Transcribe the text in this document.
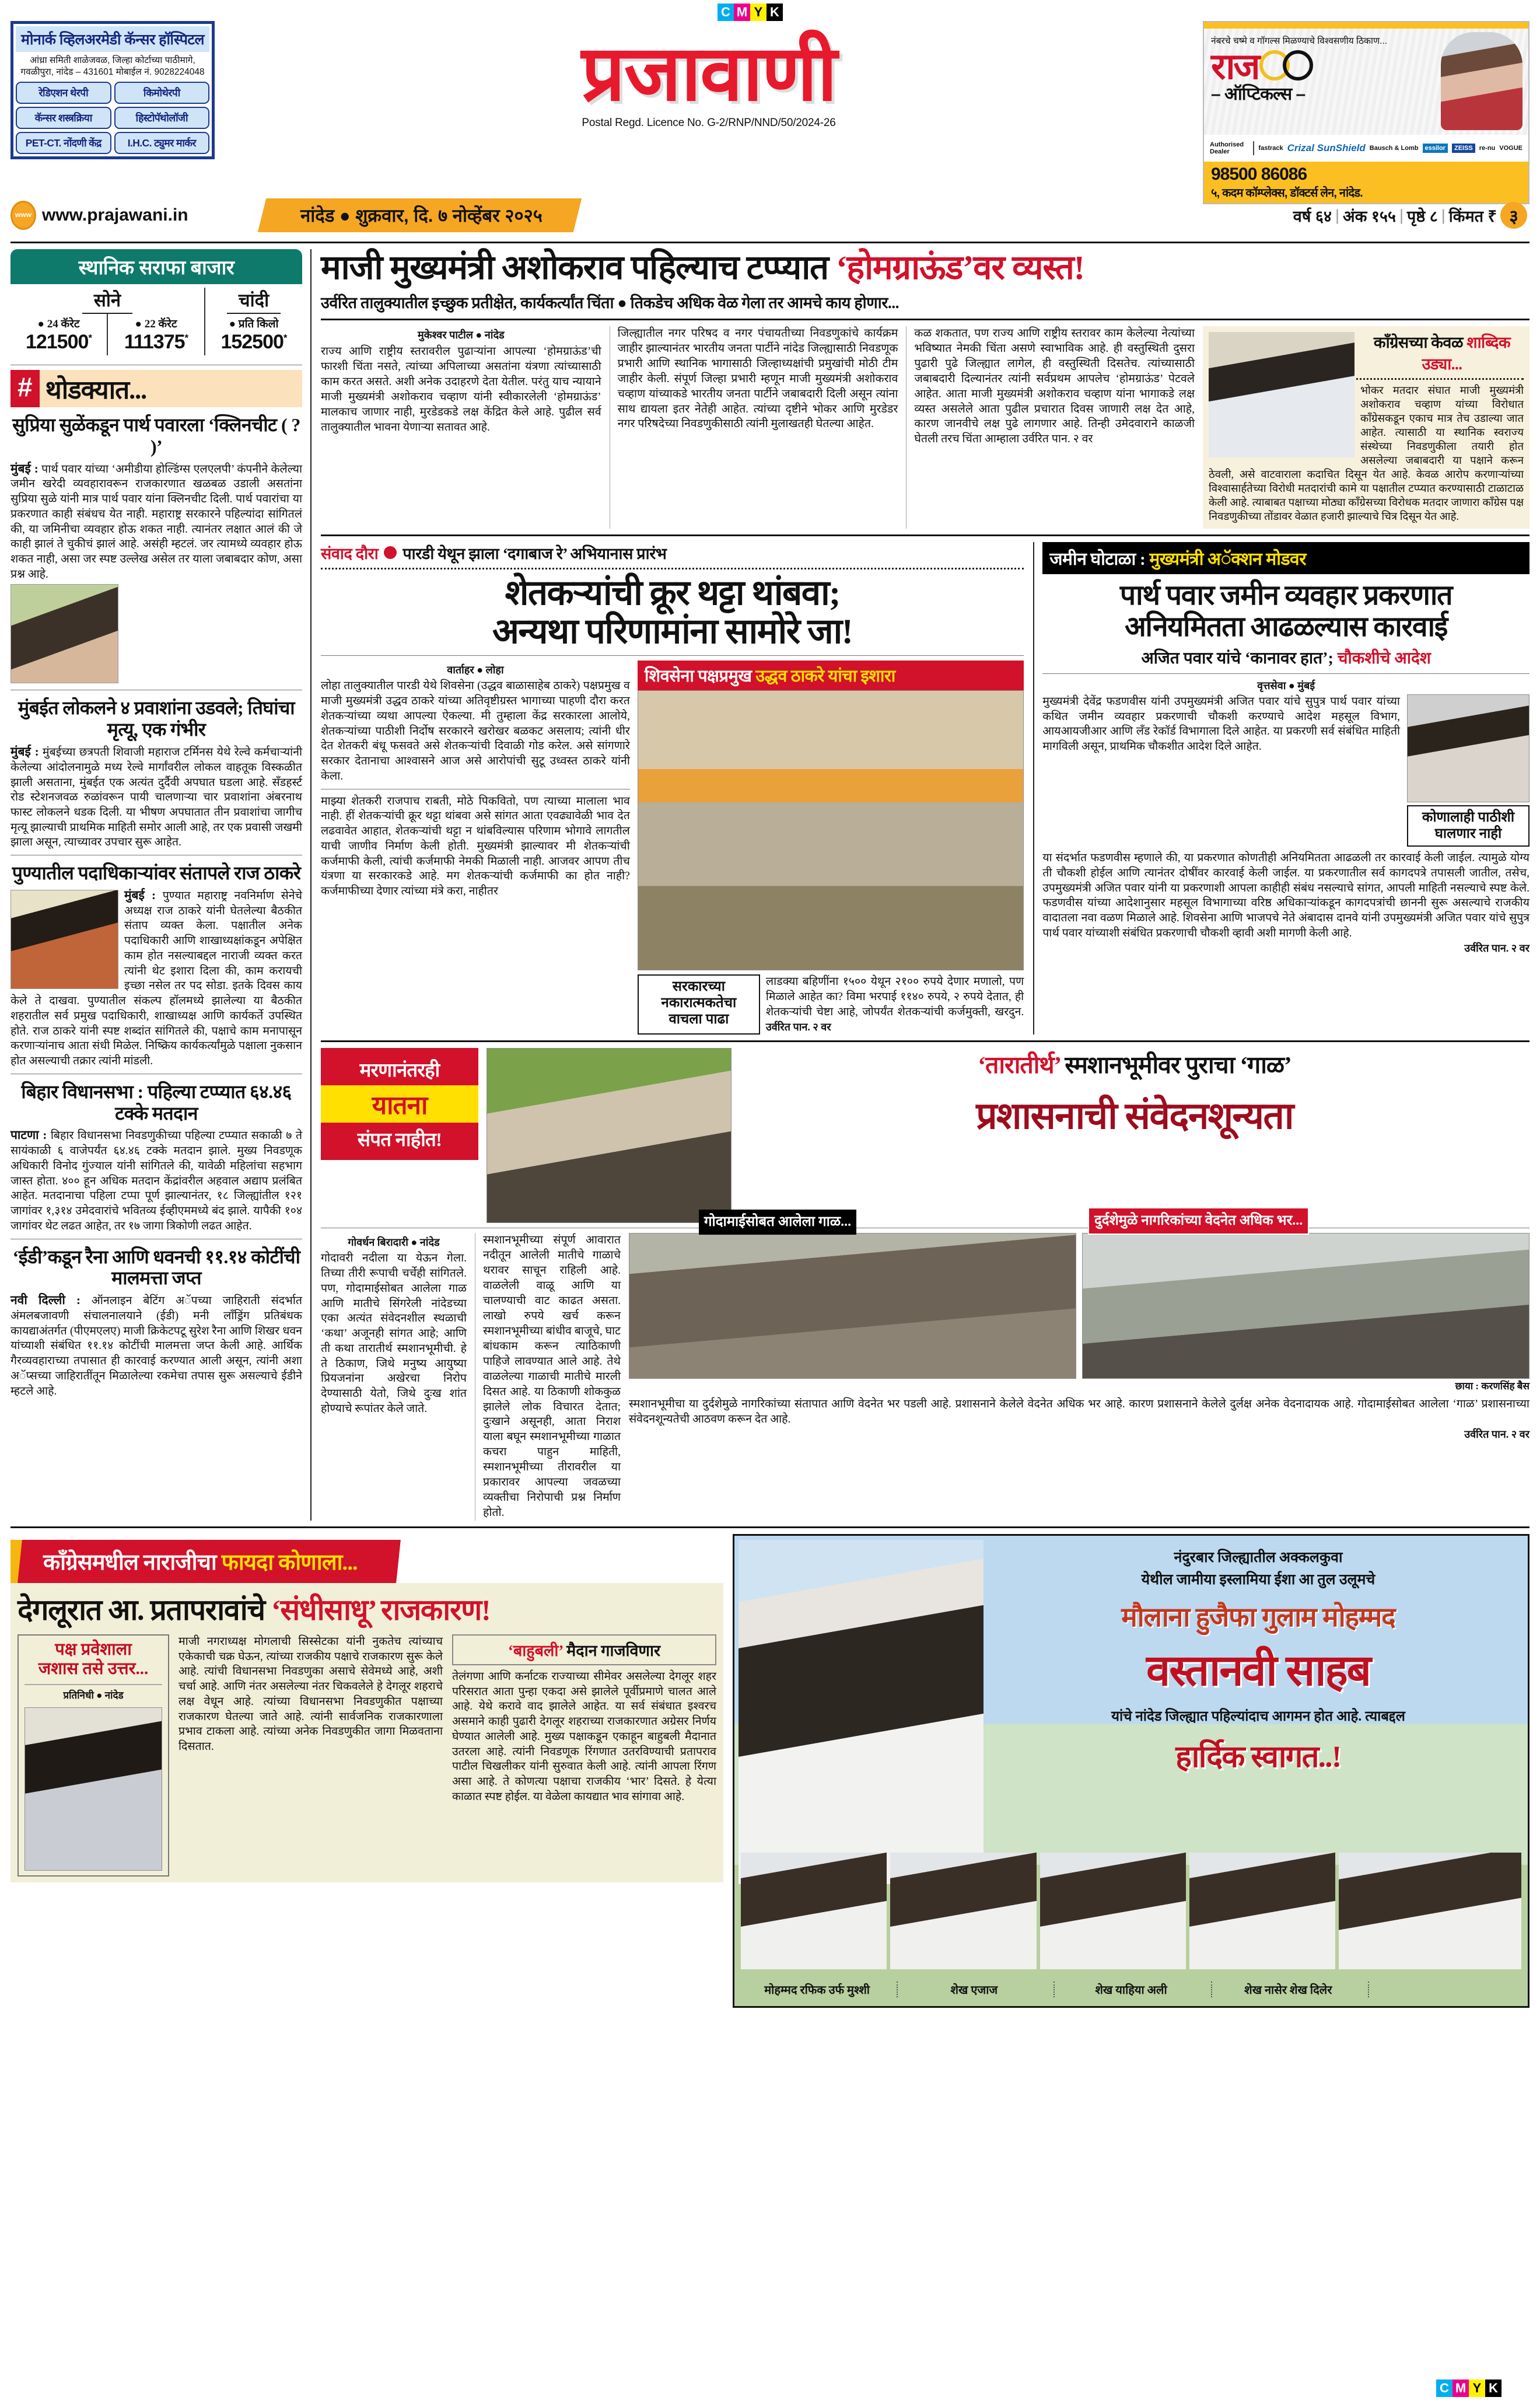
C M Y K
C M Y K
मोनार्क व्हिलअरमेडी कॅन्सर हॉस्पिटल
आंध्रा समिती शाळेजवळ, जिल्हा कोर्टाच्या पाठीमागे,
गवळीपुरा, नांदेड – 431601 मोबाईल नं. 9028224048
रेडिएशन थेरपी	किमोथेरपी
कॅन्सर शस्त्रक्रिया	हिस्टोपॅथोलॉजी
PET-CT. नोंदणी केंद्र	I.H.C. ट्युमर मार्कर
प्रजावाणी
Postal Regd. Licence No. G-2/RNP/NND/50/2024-26
नंबरचे चष्मे व गॉगल्स मिळण्याचे विश्वसणीय ठिकाण...
राज
– ऑप्टिकल्स –
Authorised Dealer	fastrack Crizal SunShield Bausch & Lomb	essilor	ZEISS	re-nu VOGUE
98500 86086
५, कदम कॉम्प्लेक्स, डॉक्टर्स लेन, नांदेड.
www
www.prajawani.in	नांदेड ● शुक्रवार, दि. ७ नोव्हेंबर २०२५	वर्ष ६४ | अंक १५५ | पृष्ठे ८ | किंमत ₹ ३
स्थानिक सराफा बाजार
सोने
● 24 कॅरेट
121500*
● 22 कॅरेट
111375*
चांदी
● प्रति किलो
152500*
# थोडक्यात...
सुप्रिया सुळेंकडून पार्थ पवारला ‘क्लिनचीट ( ? )’
मुंबई : पार्थ पवार यांच्या ‘अमीडीया होल्डिंग्स एलएलपी’ कंपनीने केलेल्या जमीन खरेदी व्यवहारावरून राजकारणात खळबळ उडाली असतांना सुप्रिया सुळे यांनी मात्र पार्थ पवार यांना क्लिनचीट दिली. पार्थ पवारांचा या प्रकरणात काही संबंधच येत नाही. महाराष्ट्र सरकारने पहिल्यांदा सांगितलं की, या जमिनीचा व्यवहार होऊ शकत नाही. त्यानंतर लक्षात आलं की जे काही झालं ते चुकीचं झालं आहे. असंही म्हटलं. जर त्यामध्ये व्यवहार होऊ शकत नाही, असा जर स्पष्ट उल्लेख असेल तर याला जबाबदार कोण, असा प्रश्न आहे.
मुंबईत लोकलने ४ प्रवाशांना उडवले; तिघांचा मृत्यू, एक गंभीर
मुंबई : मुंबईच्या छत्रपती शिवाजी महाराज टर्मिनस येथे रेल्वे कर्मचाऱ्यांनी केलेल्या आंदोलनामुळे मध्य रेल्वे मार्गांवरील लोकल वाहतूक विस्कळीत झाली असताना, मुंबईत एक अत्यंत दुर्दैवी अपघात घडला आहे. सँडहर्स्ट रोड स्टेशनजवळ रुळांवरून पायी चालणाऱ्या चार प्रवाशांना अंबरनाथ फास्ट लोकलने धडक दिली. या भीषण अपघातात तीन प्रवाशांचा जागीच मृत्यू झाल्याची प्राथमिक माहिती समोर आली आहे, तर एक प्रवासी जखमी झाला असून, त्याच्यावर उपचार सुरू आहेत.
पुण्यातील पदाधिकाऱ्यांवर संतापले राज ठाकरे
मुंबई : पुण्यात महाराष्ट्र नवनिर्माण सेनेचे अध्यक्ष राज ठाकरे यांनी घेतलेल्या बैठकीत संताप व्यक्त केला. पक्षातील अनेक पदाधिकारी आणि शाखाध्यक्षांकडून अपेक्षित काम होत नसल्याबद्दल नाराजी व्यक्त करत त्यांनी थेट इशारा दिला की, काम करायची इच्छा नसेल तर पद सोडा. इतके दिवस काय केले ते दाखवा. पुण्यातील संकल्प हॉलमध्ये झालेल्या या बैठकीत शहरातील सर्व प्रमुख पदाधिकारी, शाखाध्यक्ष आणि कार्यकर्ते उपस्थित होते. राज ठाकरे यांनी स्पष्ट शब्दांत सांगितले की, पक्षाचे काम मनापासून करणाऱ्यांनाच आता संधी मिळेल. निष्क्रिय कार्यकर्त्यांमुळे पक्षाला नुकसान होत असल्याची तक्रार त्यांनी मांडली.
बिहार विधानसभा : पहिल्या टप्प्यात ६४.४६ टक्के मतदान
पाटणा : बिहार विधानसभा निवडणुकीच्या पहिल्या टप्प्यात सकाळी ७ ते सायंकाळी ६ वाजेपर्यंत ६४.४६ टक्के मतदान झाले. मुख्य निवडणूक अधिकारी विनोद गुंज्याल यांनी सांगितले की, यावेळी महिलांचा सहभाग जास्त होता. ४०० हून अधिक मतदान केंद्रांवरील अहवाल अद्याप प्रलंबित आहेत. मतदानाचा पहिला टप्पा पूर्ण झाल्यानंतर, १८ जिल्ह्यांतील १२१ जागांवर १,३१४ उमेदवारांचे भवितव्य ईव्हीएममध्ये बंद झाले. यापैकी १०४ जागांवर थेट लढत आहेत, तर १७ जागा त्रिकोणी लढत आहेत.
‘ईडी’कडून रैना आणि धवनची ११.१४ कोटींची मालमत्ता जप्त
नवी दिल्ली : ऑनलाइन बेटिंग अॅपच्या जाहिराती संदर्भात अंमलबजावणी संचालनालयाने (ईडी) मनी लाँड्रिंग प्रतिबंधक कायद्याअंतर्गत (पीएमएलए) माजी क्रिकेटपटू सुरेश रैना आणि शिखर धवन यांच्याशी संबंधित ११.१४ कोटींची मालमत्ता जप्त केली आहे. आर्थिक गैरव्यवहाराच्या तपासात ही कारवाई करण्यात आली असून, त्यांनी अशा अॅप्सच्या जाहिरातींतून मिळालेल्या रकमेचा तपास सुरू असल्याचे ईडीने म्हटले आहे.
माजी मुख्यमंत्री अशोकराव पहिल्याच टप्प्यात ‘होमग्राऊंड’वर व्यस्त!
उर्वरित तालुक्यातील इच्छुक प्रतीक्षेत, कार्यकर्त्यांत चिंता ● तिकडेच अधिक वेळ गेला तर आमचे काय होणार...
मुकेश्वर पाटील ● नांदेड
राज्य आणि राष्ट्रीय स्तरावरील पुढाऱ्यांना आपल्या ‘होमग्राऊंड’ची फारशी चिंता नसते, त्यांच्या अपिलाच्या असतांना यंत्रणा त्यांच्यासाठी काम करत असते. अशी अनेक उदाहरणे देता येतील. परंतु याच न्यायाने माजी मुख्यमंत्री अशोकराव चव्हाण यांनी स्वीकारलेली ‘होमग्राऊंड’ मालकाच जाणार नाही, मुरडेडकडे लक्ष केंद्रित केले आहे. पुढील सर्व तालुक्यातील भावना येणाऱ्या सतावत आहे.
जिल्ह्यातील नगर परिषद व नगर पंचायतीच्या निवडणुकांचे कार्यक्रम जाहीर झाल्यानंतर भारतीय जनता पार्टीने नांदेड जिल्ह्यासाठी निवडणूक प्रभारी आणि स्थानिक भागासाठी जिल्हाध्यक्षांची प्रमुखांची मोठी टीम जाहीर केली. संपूर्ण जिल्हा प्रभारी म्हणून माजी मुख्यमंत्री अशोकराव चव्हाण यांच्याकडे भारतीय जनता पार्टीने जबाबदारी दिली असून त्यांना साथ द्यायला इतर नेतेही आहेत. त्यांच्या दृष्टीने भोकर आणि मुरडेडर नगर परिषदेच्या निवडणुकीसाठी त्यांनी मुलाखतही घेतल्या आहेत.
कळ शकतात, पण राज्य आणि राष्ट्रीय स्तरावर काम केलेल्या नेत्यांच्या भविष्यात नेमकी चिंता असणे स्वाभाविक आहे. ही वस्तुस्थिती दुसरा पुढारी पुढे जिल्ह्यात लागेल, ही वस्तुस्थिती दिसतेच. त्यांच्यासाठी जबाबदारी दिल्यानंतर त्यांनी सर्वप्रथम आपलेच ‘होमग्राऊंड’ पेटवले आहेत. आता माजी मुख्यमंत्री अशोकराव चव्हाण यांना भागाकडे लक्ष व्यस्त असलेले आता पुढील प्रचारात दिवस जाणारी लक्ष देत आहे, कारण जानवीचे लक्ष पुढे लागणार आहे. तिन्ही उमेदवाराने काळजी घेतली तरच चिंता आम्हाला उर्वरित पान. २ वर
काँग्रेसच्या केवळ शाब्दिक उड्या...
भोकर मतदार संघात माजी मुख्यमंत्री अशोकराव चव्हाण यांच्या विरोधात काँग्रेसकडून एकाच मात्र तेच उडाल्या जात आहेत. त्यासाठी या स्थानिक स्वराज्य संस्थेच्या निवडणुकीला तयारी होत असलेल्या जबाबदारी या पक्षाने करून ठेवली, असे वाटवाराला कदाचित दिसून येत आहे. केवळ आरोप करणाऱ्यांच्या विश्वासार्हतेच्या विरोधी मतदारांची कामे या पक्षातील टप्प्यात करण्यासाठी टाळाटाळ केली आहे. त्याबाबत पक्षाच्या मोठ्या काँग्रेसच्या विरोधक मतदार जाणारा काँग्रेस पक्ष निवडणुकीच्या तोंडावर वेळात हजारी झाल्याचे चित्र दिसून येत आहे.
संवाद दौरा पारडी येथून झाला ‘दगाबाज रे’ अभियानास प्रारंभ
शेतकऱ्यांची क्रूर थट्टा थांबवा;
अन्यथा परिणामांना सामोरे जा!
वार्ताहर ● लोहा
लोहा तालुक्यातील पारडी येथे शिवसेना (उद्धव बाळासाहेब ठाकरे) पक्षप्रमुख व माजी मुख्यमंत्री उद्धव ठाकरे यांच्या अतिवृष्टीग्रस्त भागाच्या पाहणी दौरा करत शेतकऱ्यांच्या व्यथा आपल्या ऐकल्या. मी तुम्हाला केंद्र सरकारला आलोये, शेतकऱ्यांच्या पाठीशी निर्दोष सरकारने खरोखर बळकट असलाय; त्यांनी धीर देत शेतकरी बंधू फसवते असे शेतकऱ्यांची दिवाळी गोड करेल. असे सांगणारे सरकार देतानाचा आश्वासने आज असे आरोपांची सुटू उध्वस्त ठाकरे यांनी केला.
माझ्या शेतकरी राजपाच राबती, मोठे पिकवितो, पण त्याच्या मालाला भाव नाही. हीं शेतकऱ्यांची क्रूर थट्टा थांबवा असे सांगत आता एवढ्यावेळी भाव देत लढवावेत आहात, शेतकऱ्यांची थट्टा न थांबविल्यास परिणाम भोगावे लागतील याची जाणीव निर्माण केली होती. मुख्यमंत्री झाल्यावर मी शेतकऱ्यांची कर्जमाफी केली, त्यांची कर्जमाफी नेमकी मिळाली नाही. आजवर आपण तीच यंत्रणा या सरकारकडे आहे. मग शेतकऱ्यांची कर्जमाफी का होत नाही? कर्जमाफीच्या देणार त्यांच्या मंत्रे करा, नाहीतर
शिवसेना पक्षप्रमुख उद्धव ठाकरे यांचा इशारा
सरकारच्या नकारात्मकतेचा वाचला पाढा
लाडक्या बहिणींना १५०० येथून २१०० रुपये देणार मणालो, पण मिळाले आहेत का? विमा भरपाई ११४० रुपये, २ रुपये देतात, ही शेतकऱ्यांची चेष्टा आहे, जोपर्यंत शेतकऱ्यांची कर्जमुक्ती, खरदुन. उर्वरित पान. २ वर
जमीन घोटाळा : मुख्यमंत्री अॅक्शन मोडवर
पार्थ पवार जमीन व्यवहार प्रकरणात
अनियमितता आढळल्यास कारवाई
अजित पवार यांचे ‘कानावर हात’; चौकशीचे आदेश
वृत्तसेवा ● मुंबई
मुख्यमंत्री देवेंद्र फडणवीस यांनी उपमुख्यमंत्री अजित पवार यांचे सुपुत्र पार्थ पवार यांच्या कथित जमीन व्यवहार प्रकरणाची चौकशी करण्याचे आदेश महसूल विभाग, आयआयजीआर आणि लँड रेकॉर्ड विभागाला दिले आहेत. या प्रकरणी सर्व संबंधित माहिती मागविली असून, प्राथमिक चौकशीत आदेश दिले आहेत.
कोणालाही पाठीशी घालणार नाही
या संदर्भात फडणवीस म्हणाले की, या प्रकरणात कोणतीही अनियमितता आढळली तर कारवाई केली जाईल. त्यामुळे योग्य ती चौकशी होईल आणि त्यानंतर दोषींवर कारवाई केली जाईल. या प्रकरणातील सर्व कागदपत्रे तपासली जातील, तसेच, उपमुख्यमंत्री अजित पवार यांनी या प्रकरणाशी आपला काहीही संबंध नसल्याचे सांगत, आपली माहिती नसल्याचे स्पष्ट केले. फडणवीस यांच्या आदेशानुसार महसूल विभागाच्या वरिष्ठ अधिकाऱ्यांकडून कागदपत्रांची छाननी सुरू असल्याचे राजकीय वादातला नवा वळण मिळाले आहे. शिवसेना आणि भाजपचे नेते अंबादास दानवे यांनी उपमुख्यमंत्री अजित पवार यांचे सुपुत्र पार्थ पवार यांच्याशी संबंधित प्रकरणाची चौकशी व्हावी अशी मागणी केली आहे.
उर्वरित पान. २ वर
मरणानंतरही
यातना
संपत नाहीत!
‘तारातीर्थ’ स्मशानभूमीवर पुराचा ‘गाळ’
प्रशासनाची संवेदनशून्यता
गोवर्धन बिरादारी ● नांदेड
गोदावरी नदीला या येऊन गेला. तिच्या तीरी रूपाची चर्चेही सांगितले. पण, गोदामाईसोबत आलेला गाळ आणि मातीचे सिंगरेली नांदेडच्या एका अत्यंत संवेदनशील स्थळाची ‘कथा’ अजूनही सांगत आहे; आणि ती कथा तारातीर्थ स्मशानभूमीची. हे ते ठिकाण, जिथे मनुष्य आयुष्या प्रियजनांना अखेरचा निरोप देण्यासाठी येतो, जिथे दुःख शांत होण्याचे रूपांतर केले जाते.
स्मशानभूमीच्या संपूर्ण आवारात नदीतून आलेली मातीचे गाळाचे थरावर साचून राहिली आहे. वाळलेली वाळू आणि या चालण्याची वाट काढत असता. लाखो रुपये खर्च करून स्मशानभूमीच्या बांधीव बाजूचे, घाट बांधकाम करून त्याठिकाणी पाहिजे लावण्यात आले आहे. तेथे वाळलेल्या गाळाची मातीचे मारली दिसत आहे. या ठिकाणी शोककुळ झालेले लोक विचारत देतात; दुःखाने असूनही, आता निराश याला बघून स्मशानभूमीच्या गाळात कचरा पाहुन माहिती, स्मशानभूमीच्या तीरावरील या प्रकारावर आपल्या जवळच्या व्यक्तीचा निरोपाची प्रश्न निर्माण होतो.
गोदामाईसोबत आलेला गाळ...	दुर्दशेमुळे नागरिकांच्या वेदनेत अधिक भर...
छाया : करणसिंह बैस
स्मशानभूमीचा या दुर्दशेमुळे नागरिकांच्या संतापात आणि वेदनेत भर पडली आहे. प्रशासनाने केलेले वेदनेत अधिक भर आहे. कारण प्रशासनाने केलेले दुर्लक्ष अनेक वेदनादायक आहे. गोदामाईसोबत आलेला ‘गाळ’ प्रशासनाच्या संवेदनशून्यतेची आठवण करून देत आहे.
उर्वरित पान. २ वर
काँग्रेसमधील नाराजीचा फायदा कोणाला...
देगलूरात आ. प्रतापरावांचे ‘संधीसाधू’ राजकारण!
पक्ष प्रवेशाला
जशास तसे उत्तर...
प्रतिनिधी ● नांदेड
माजी नगराध्यक्ष मोगलाची सिस्सेटका यांनी नुकतेच त्यांच्याच एकेकाची चक्र घेऊन, त्यांच्या राजकीय पक्षाचे राजकारण सुरू केले आहे. त्यांची विधानसभा निवडणुका असाचे सेवेमध्ये आहे, अशी चर्चा आहे. आणि नंतर असलेल्या नंतर चिकवलेले हे देगलूर शहराचे लक्ष वेधून आहे. त्यांच्या विधानसभा निवडणुकीत पक्षाच्या राजकारण घेतल्या जाते आहे. त्यांनी सार्वजनिक राजकारणाला प्रभाव टाकला आहे. त्यांच्या अनेक निवडणुकीत जागा मिळवताना दिसतात.
‘बाहुबली’ मैदान गाजविणार
तेलंगणा आणि कर्नाटक राज्याच्या सीमेवर असलेल्या देगलूर शहर परिसरात आता पुन्हा एकदा असे झालेले पूर्वीप्रमाणे चालत आले आहे. येथे करावे वाद झालेले आहेत. या सर्व संबंधात इश्वरच असमाने काही पुढारी देगलूर शहराच्या राजकारणात अग्रेसर निर्णय घेण्यात आलेली आहे. मुख्य पक्षाकडून एकाहून बाहुबली मैदानात उतरला आहे. त्यांनी निवडणूक रिंगणात उतरविण्याची प्रतापराव पाटील चिखलीकर यांनी सुरुवात केली आहे. त्यांनी आपला रिंगण असा आहे. ते कोणत्या पक्षाचा राजकीय ‘भार’ दिसते. हे येत्या काळात स्पष्ट होईल. या वेळेला कायद्यात भाव सांगावा आहे.
नंदुरबार जिल्ह्यातील अक्कलकुवा
येथील जामीया इस्लामिया ईशा आ तुल उलूमचे
मौलाना हुजैफा गुलाम मोहम्मद
वस्तानवी साहब
यांचे नांदेड जिल्ह्यात पहिल्यांदाच आगमन होत आहे. त्याबद्दल
हार्दिक स्वागत..!
मोहम्मद रफिक उर्फ मुश्शी	शेख एजाज	शेख याहिया अली	शेख नासेर शेख दिलेर
